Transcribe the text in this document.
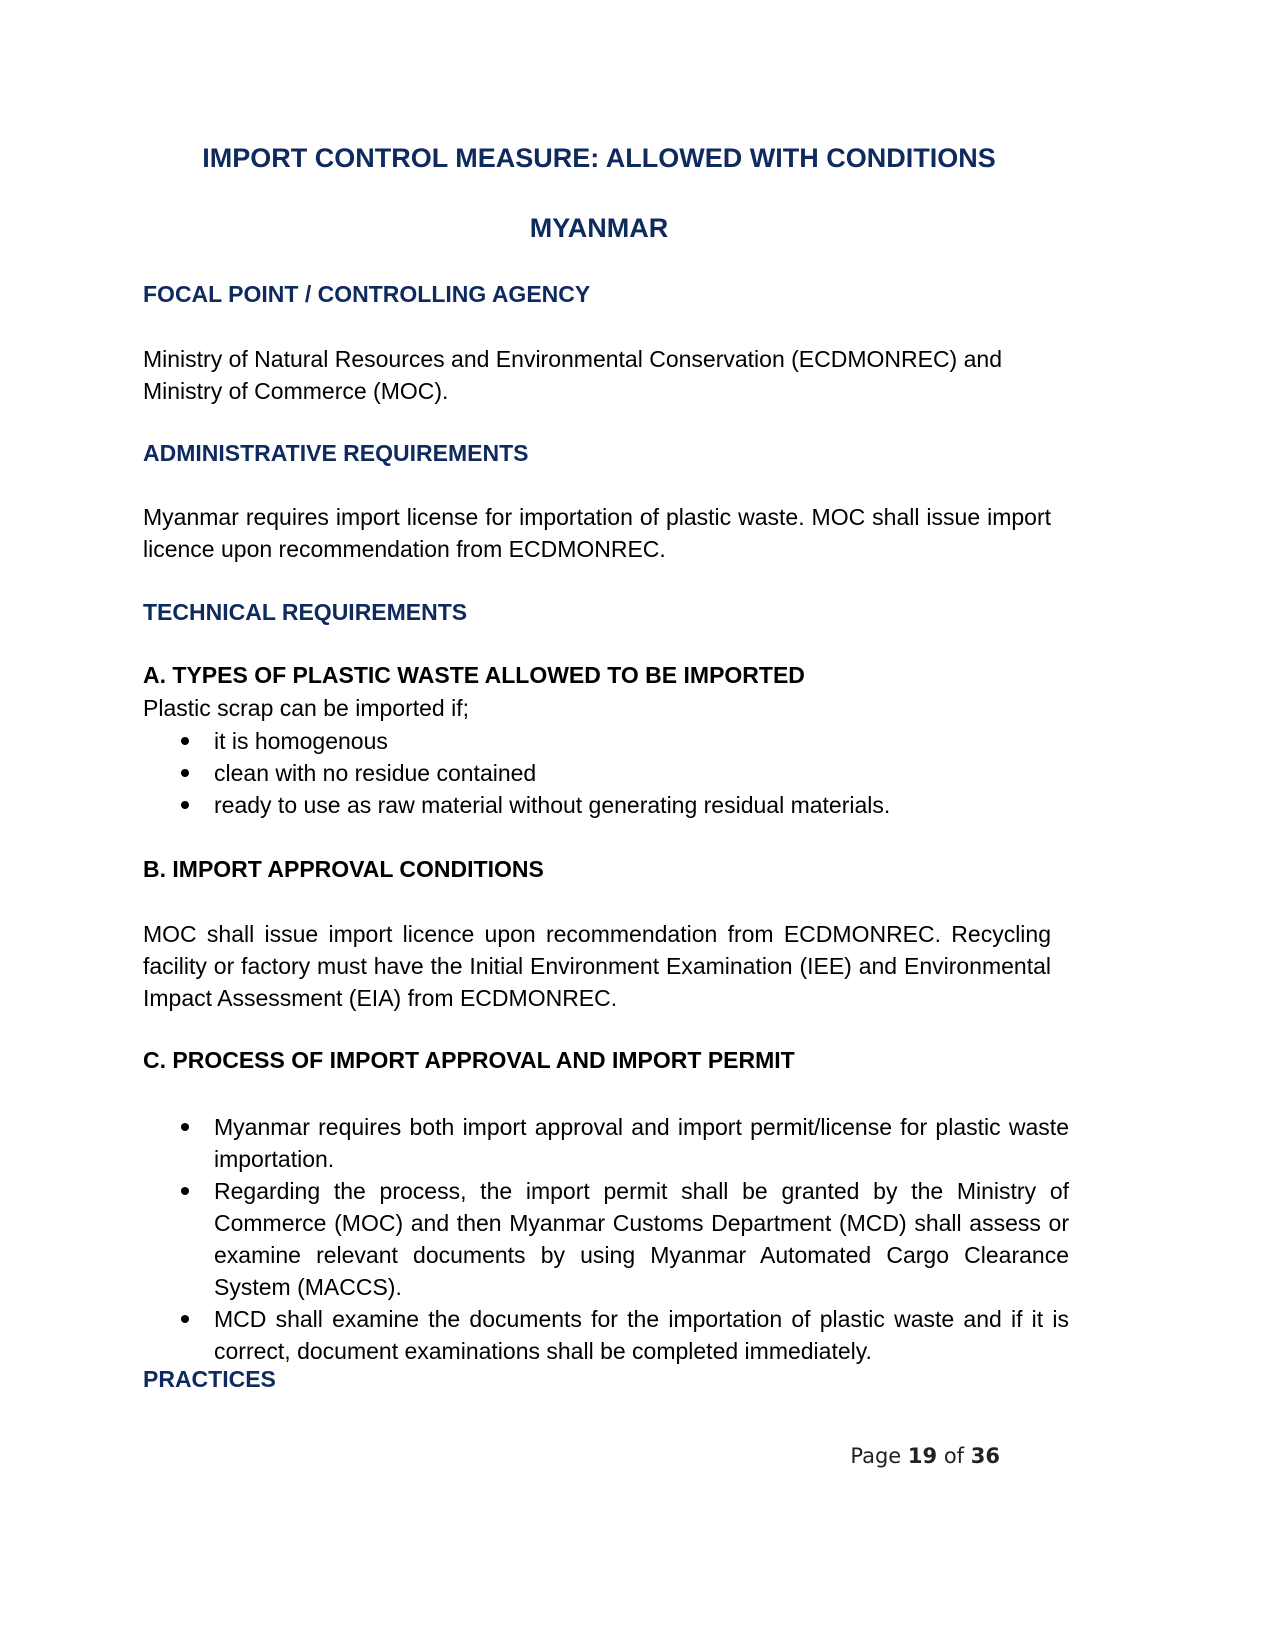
IMPORT CONTROL MEASURE: ALLOWED WITH CONDITIONS
MYANMAR
FOCAL POINT / CONTROLLING AGENCY

Ministry of Natural Resources and Environmental Conservation (ECDMONREC) and Ministry of Commerce (MOC).

ADMINISTRATIVE REQUIREMENTS

Myanmar requires import license for importation of plastic waste. MOC shall issue import licence upon recommendation from ECDMONREC.

TECHNICAL REQUIREMENTS
A. TYPES OF PLASTIC WASTE ALLOWED TO BE IMPORTED

Plastic scrap can be imported if;

it is homogenous
clean with no residue contained
ready to use as raw material without generating residual materials.
B. IMPORT APPROVAL CONDITIONS

MOC shall issue import licence upon recommendation from ECDMONREC. Recycling facility or factory must have the Initial Environment Examination (IEE) and Environmental Impact Assessment (EIA) from ECDMONREC.

C. PROCESS OF IMPORT APPROVAL AND IMPORT PERMIT
Myanmar requires both import approval and import permit/license for plastic waste importation.
Regarding the process, the import permit shall be granted by the Ministry of Commerce (MOC) and then Myanmar Customs Department (MCD) shall assess or examine relevant documents by using Myanmar Automated Cargo Clearance System (MACCS).
MCD shall examine the documents for the importation of plastic waste and if it is correct, document examinations shall be completed immediately.
PRACTICES
Page 19 of 36
